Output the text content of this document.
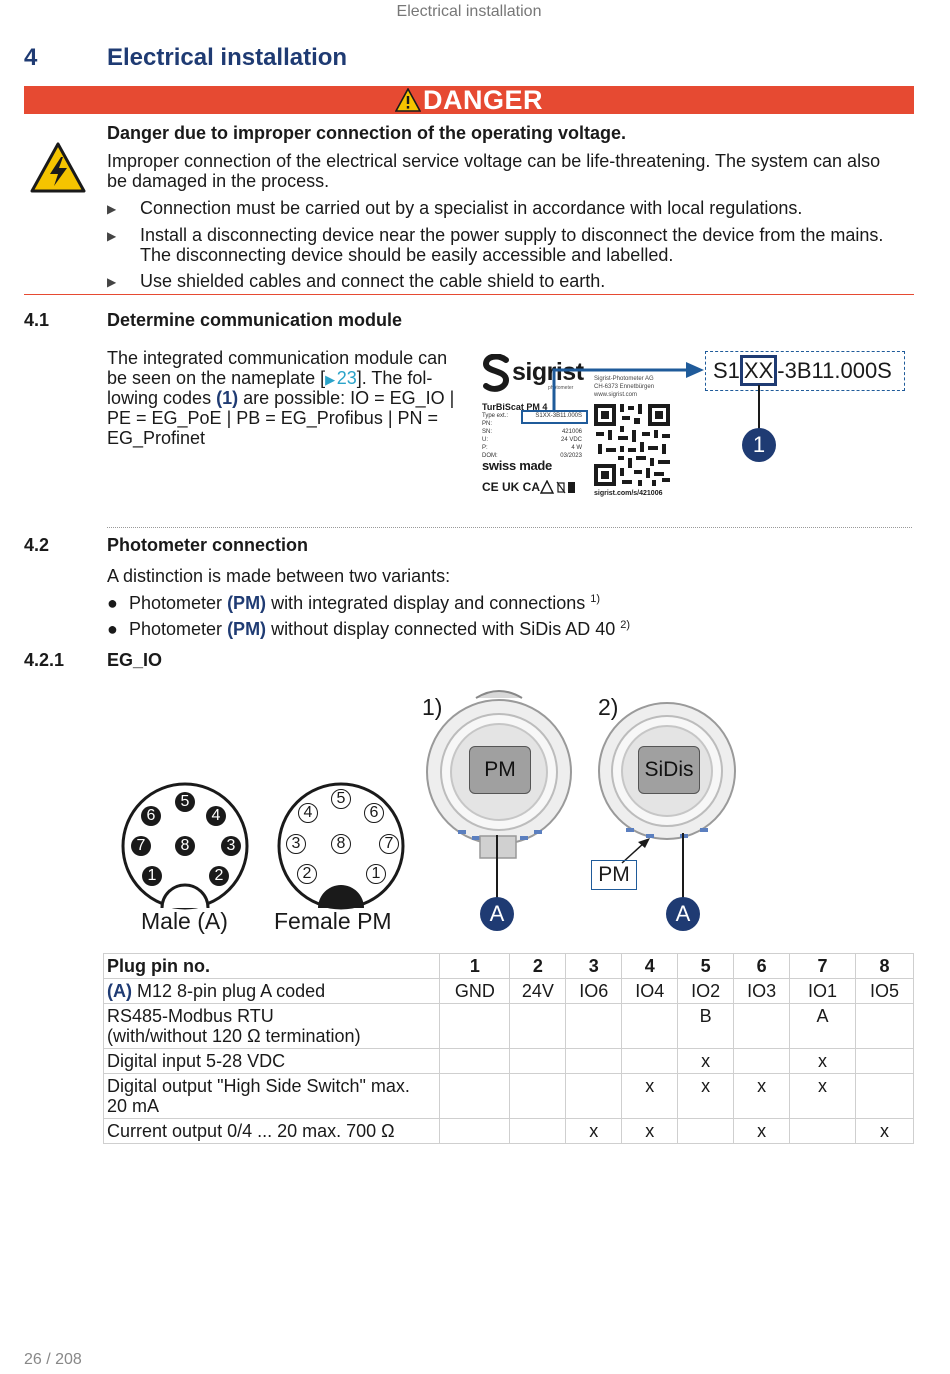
Electrical installation
4	Electrical installation
DANGER
Danger due to improper connection of the operating voltage.
Improper connection of the electrical service voltage can be life-threatening. The system can also
be damaged in the process.
▶ Connection must be carried out by a specialist in accordance with local regulations.
▶ Install a disconnecting device near the power supply to disconnect the device from the mains.
The disconnecting device should be easily accessible and labelled.
▶ Use shielded cables and connect the cable shield to earth.
4.1	Determine communication module
The integrated communication module can
be seen on the nameplate [▶ 23]. The fol-
lowing codes (1) are possible: IO = EG_IO |
PE = EG_PoE | PB = EG_Profibus | PN =
EG_Profinet
sigrist
photometer
Sigrist-Photometer AG
CH-6373 Ennetbürgen
www.sigrist.com
TurBiScat PM 4
Type ext.:
PN:
SN:
U:
P:
DOM:
S1XX-3B11.000S

421006
24 VDC
4 W
03/2023
swiss made
CE UK CA	sigrist.com/s/421006
S1 XX -3B11.000S
1
4.2	Photometer connection
A distinction is made between two variants:
● Photometer (PM) with integrated display and connections $^{1)}$
● Photometer (PM) without display connected with SiDis AD 40 $^{2)}$
4.2.1 EG_IO
1	2
3
4
5
6
7	8
1
2
3
4
5
6
7
8
Male (A) Female PM
1)
PM
2)
SiDis
PM
A	A
Plug pin no.	1	2	3	4	5	6	7	8
(A) M12 8-pin plug A coded	GND	24V	IO6	IO4	IO2	IO3	IO1	IO5
RS485-Modbus RTU
(with/without 120 Ω termination)					B		A	
Digital input 5-28 VDC					x		x	
Digital output "High Side Switch" max.
20 mA				x	x	x	x	
Current output 0/4 ... 20 max. 700 Ω			x	x		x		x
26 / 208
